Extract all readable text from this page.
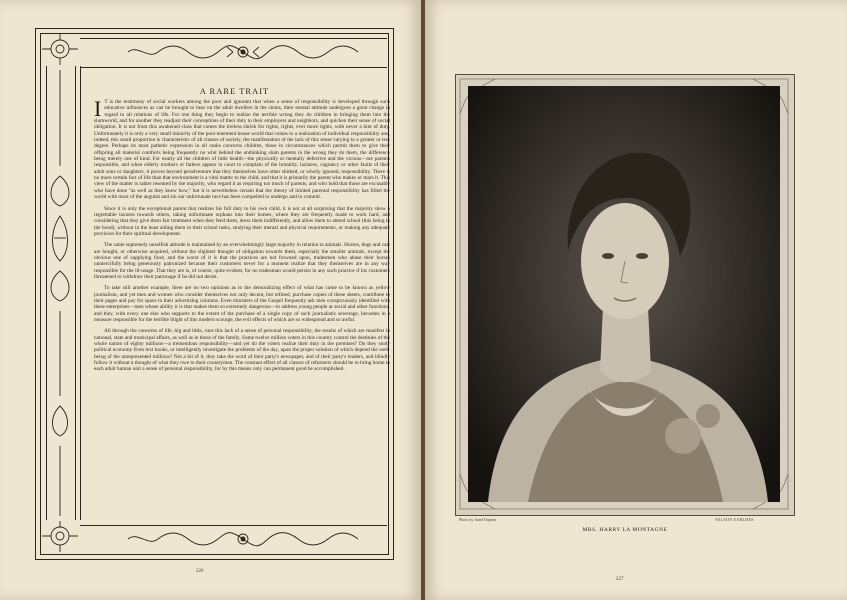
A RARE TRAIT

I T is the testimony of social workers among the poor and ignorant that when a sense of responsibility is developed through such educative influences as can be brought to bear on the adult dwellers in the slums, their mental attitude undergoes a great change in regard to all relations of life. For one thing they begin to realize the terrible wrong they do children in bringing them into the slumworld, and for another they readjust their conceptions of their duty to their employers and neighbors, and quicken their sense of social obligation. It is not from this awakened class that comes the tireless shriek for rights, rights, ever more rights, with never a hint of duty. Unfortunately it is only a very small minority of the poor tenement house world that comes to a realization of individual responsibility and, indeed, this small proportion is characteristic of all classes of society, the manifestation of the lack of this sense varying to a greater or less degree. Perhaps its most pathetic expression in all ranks concerns children, those in circumstances which permit them to give their offspring all material comforts being frequently no whit behind the unthinking slum parents in the wrong they do them, the difference being merely one of kind. For nearly all the children of little health—the physically or mentally defective and the vicious—are parents responsible, and when elderly mothers or fathers appear in court to complain of the brutality, laziness, vagrancy or other faults of their adult sons or daughters, it proves beyond peradventure that they themselves have other shirked, or wholly ignored, responsibility. There is no more certain fact of life than that environment is a vital matter to the child, and that it is primarily the parent who makes or mars it. This view of the matter is rather resented by the majority, who regard it as requiring too much of parents, and who hold that those are excusable who have done "as well as they knew how," but it is nevertheless certain that the theory of limited parental responsibility has filled the world with most of the anguish and sin our unfortunate race has been compelled to undergo and to commit.

Since it is only the exceptional parent that realizes his full duty to his own child, it is not at all surprising that the majority show a regrettable laxness towards others, taking unfortunate orphans into their homes, where they are frequently made to work hard, and considering that they give them fair treatment when they feed them, dress them indifferently, and allow them to attend school (this being in the bond), without in the least aiding them in their school tasks, studying their mental and physical requirements, or making any adequate provision for their spiritual development.

The same supremely unselfish attitude is maintained by an overwhelmingly large majority in relation to animals. Horses, dogs and cats are bought, or otherwise acquired, without the slightest thought of obligation towards them, especially the smaller animals, except the obvious one of supplying food, and the worst of it is that the practices are not frowned upon, tradesmen who abuse their horses unmercifully being generously patronized because their customers never for a moment realize that they themselves are in any way responsible for the ill-usage. That they are is, of course, quite evident, for no tradesman would persist in any such practice if his customers threatened to withdraw their patronage if he did not desist.

To take still another example, there are no two opinions as to the demoralizing effect of what has come to be known as yellow journalism, and yet men and women who consider themselves not only decent, but refined, purchase copies of these sheets, contribute to their pages and pay for space in their advertising columns. Even ministers of the Gospel frequently ask men conspicuously identified with these enterprises—men whose ability it is that makes them so extremely dangerous—to address young people at social and other functions, and they, with every one else who supports to the extent of the purchase of a single copy of such journalistic sewerage, becomes in a measure responsible for the terrible blight of this modern scourge, the evil effects of which are so widespread and so awful.

All through the concerns of life, big and little, runs this lack of a sense of personal responsibility, the results of which are manifest in national, state and municipal affairs, as well as in those of the family. Some twelve million voters in this country control the destinies of the whole nation of eighty millions—a tremendous responsibility—and yet do the voters realize their duty in the premises? Do they study political economy from text books, or intelligently investigate the problems of the day, upon the proper solution of which depend the well-being of the unrepresented millions? Not a bit of it, they take the word of their party's newspaper, and of their party's leaders, and blindly follow it without a thought of what they owe to their countrymen. The constant effort of all classes of reformers should be to bring home to each adult human unit a sense of personal responsibility, for by this means only can permanent good be accomplished.

226
Photo by Aimé Dupont	WILSON EARLHES
MRS. HARRY LA MONTAGNE
227
